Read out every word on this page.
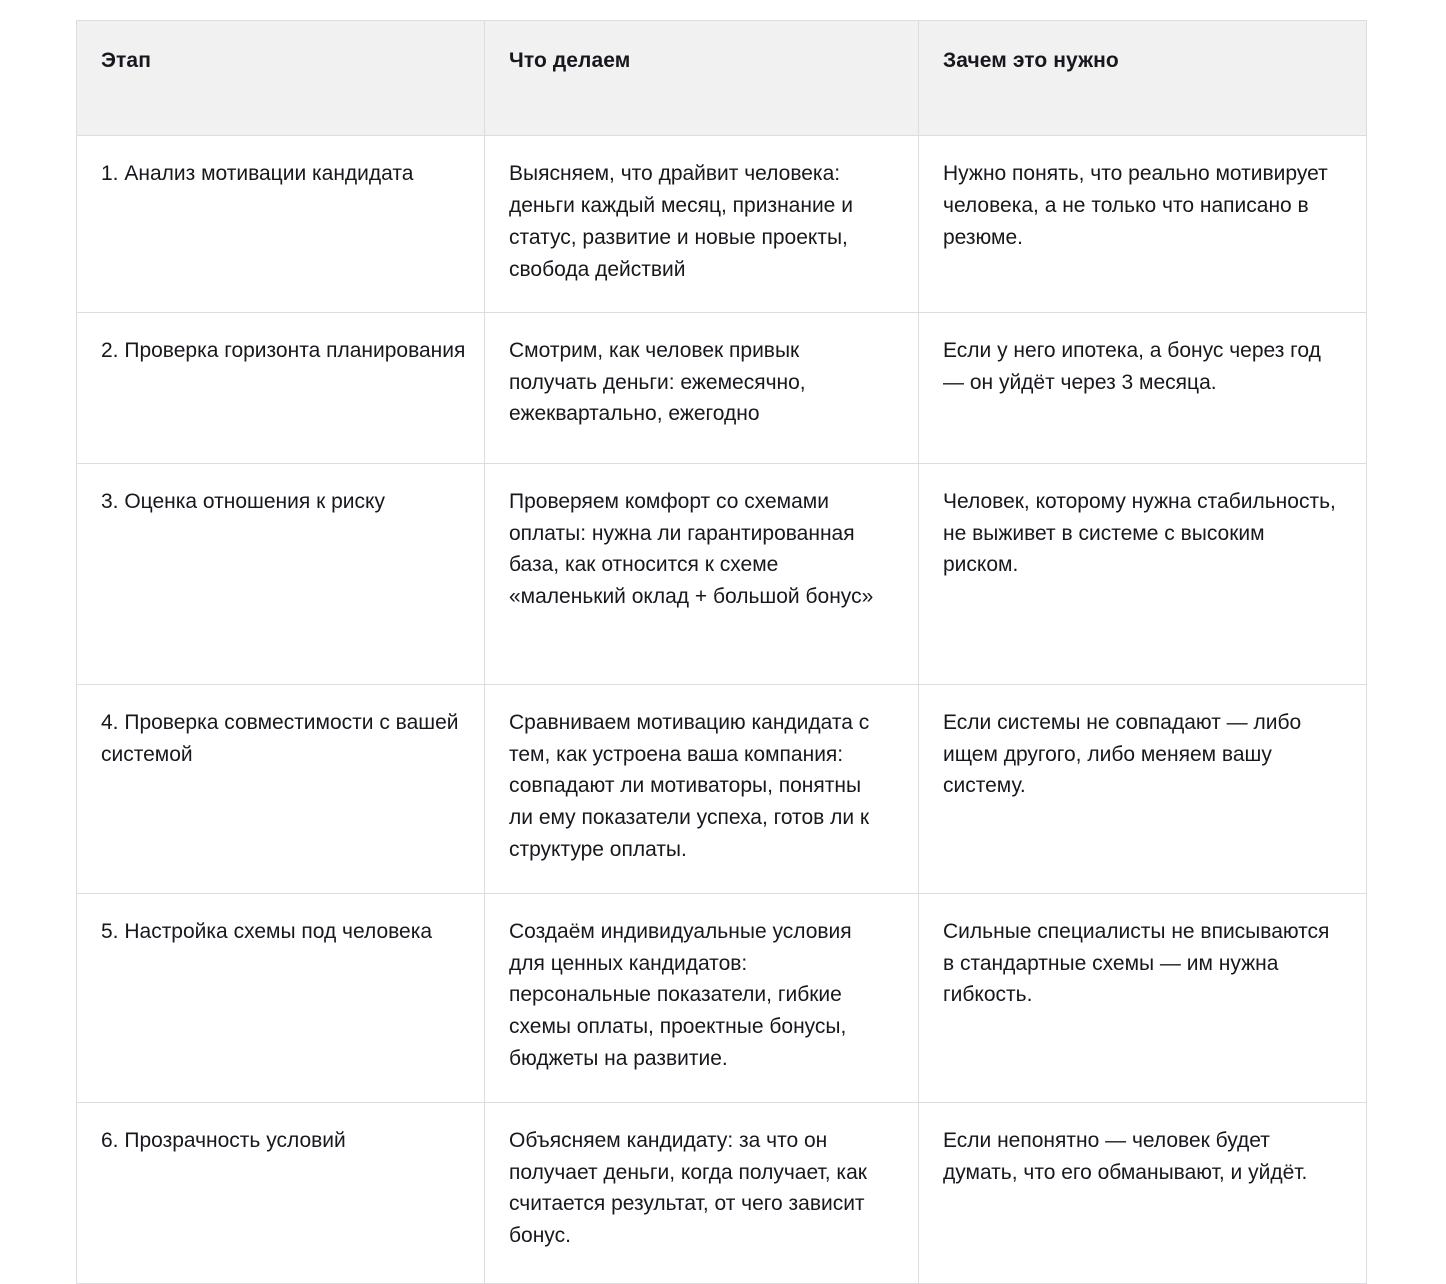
Этап	Что делаем	Зачем это нужно
1. Анализ мотивации кандидата	Выясняем, что драйвит человека: деньги каждый месяц, признание и статус, развитие и новые проекты, свобода действий	Нужно понять, что реально мотивирует человека, а не только что написано в резюме.
2. Проверка горизонта планирования	Смотрим, как человек привык получать деньги: ежемесячно, ежеквартально, ежегодно	Если у него ипотека, а бонус через год — он уйдёт через 3 месяца.
3. Оценка отношения к риску	Проверяем комфорт со схемами оплаты: нужна ли гарантированная база, как относится к схеме «маленький оклад + большой бонус»	Человек, которому нужна стабильность, не выживет в системе с высоким риском.
4. Проверка совместимости с вашей системой	Сравниваем мотивацию кандидата с тем, как устроена ваша компания: совпадают ли мотиваторы, понятны ли ему показатели успеха, готов ли к структуре оплаты.	Если системы не совпадают — либо ищем другого, либо меняем вашу систему.
5. Настройка схемы под человека	Создаём индивидуальные условия для ценных кандидатов: персональные показатели, гибкие схемы оплаты, проектные бонусы, бюджеты на развитие.	Сильные специалисты не вписываются в стандартные схемы — им нужна гибкость.
6. Прозрачность условий	Объясняем кандидату: за что он получает деньги, когда получает, как считается результат, от чего зависит бонус.	Если непонятно — человек будет думать, что его обманывают, и уйдёт.
